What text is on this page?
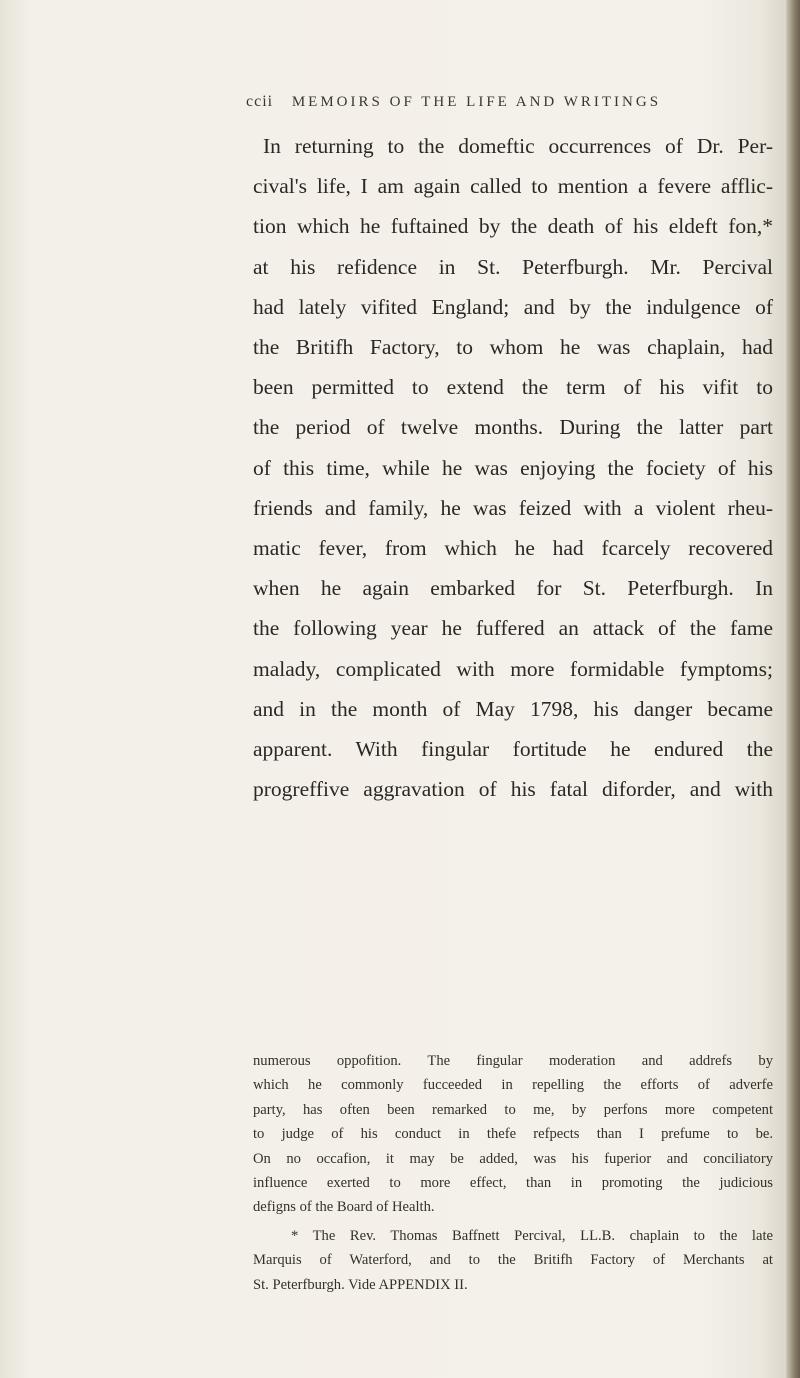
ccii MEMOIRS OF THE LIFE AND WRITINGS
In returning to the domeftic occurrences of Dr. Per-
cival's life, I am again called to mention a fevere afflic-
tion which he fuftained by the death of his eldeft fon,*
at his refidence in St. Peterfburgh. Mr. Percival
had lately vifited England; and by the indulgence of
the Britifh Factory, to whom he was chaplain, had
been permitted to extend the term of his vifit to
the period of twelve months. During the latter part
of this time, while he was enjoying the fociety of his
friends and family, he was feized with a violent rheu-
matic fever, from which he had fcarcely recovered
when he again embarked for St. Peterfburgh. In
the following year he fuffered an attack of the fame
malady, complicated with more formidable fymptoms;
and in the month of May 1798, his danger became
apparent. With fingular fortitude he endured the
progreffive aggravation of his fatal diforder, and with
numerous oppofition. The fingular moderation and addrefs by
which he commonly fucceeded in repelling the efforts of adverfe
party, has often been remarked to me, by perfons more competent
to judge of his conduct in thefe refpects than I prefume to be.
On no occafion, it may be added, was his fuperior and conciliatory
influence exerted to more effect, than in promoting the judicious
defigns of the Board of Health.
* The Rev. Thomas Baffnett Percival, LL.B. chaplain to the late
Marquis of Waterford, and to the Britifh Factory of Merchants at
St. Peterfburgh. Vide APPENDIX II.
